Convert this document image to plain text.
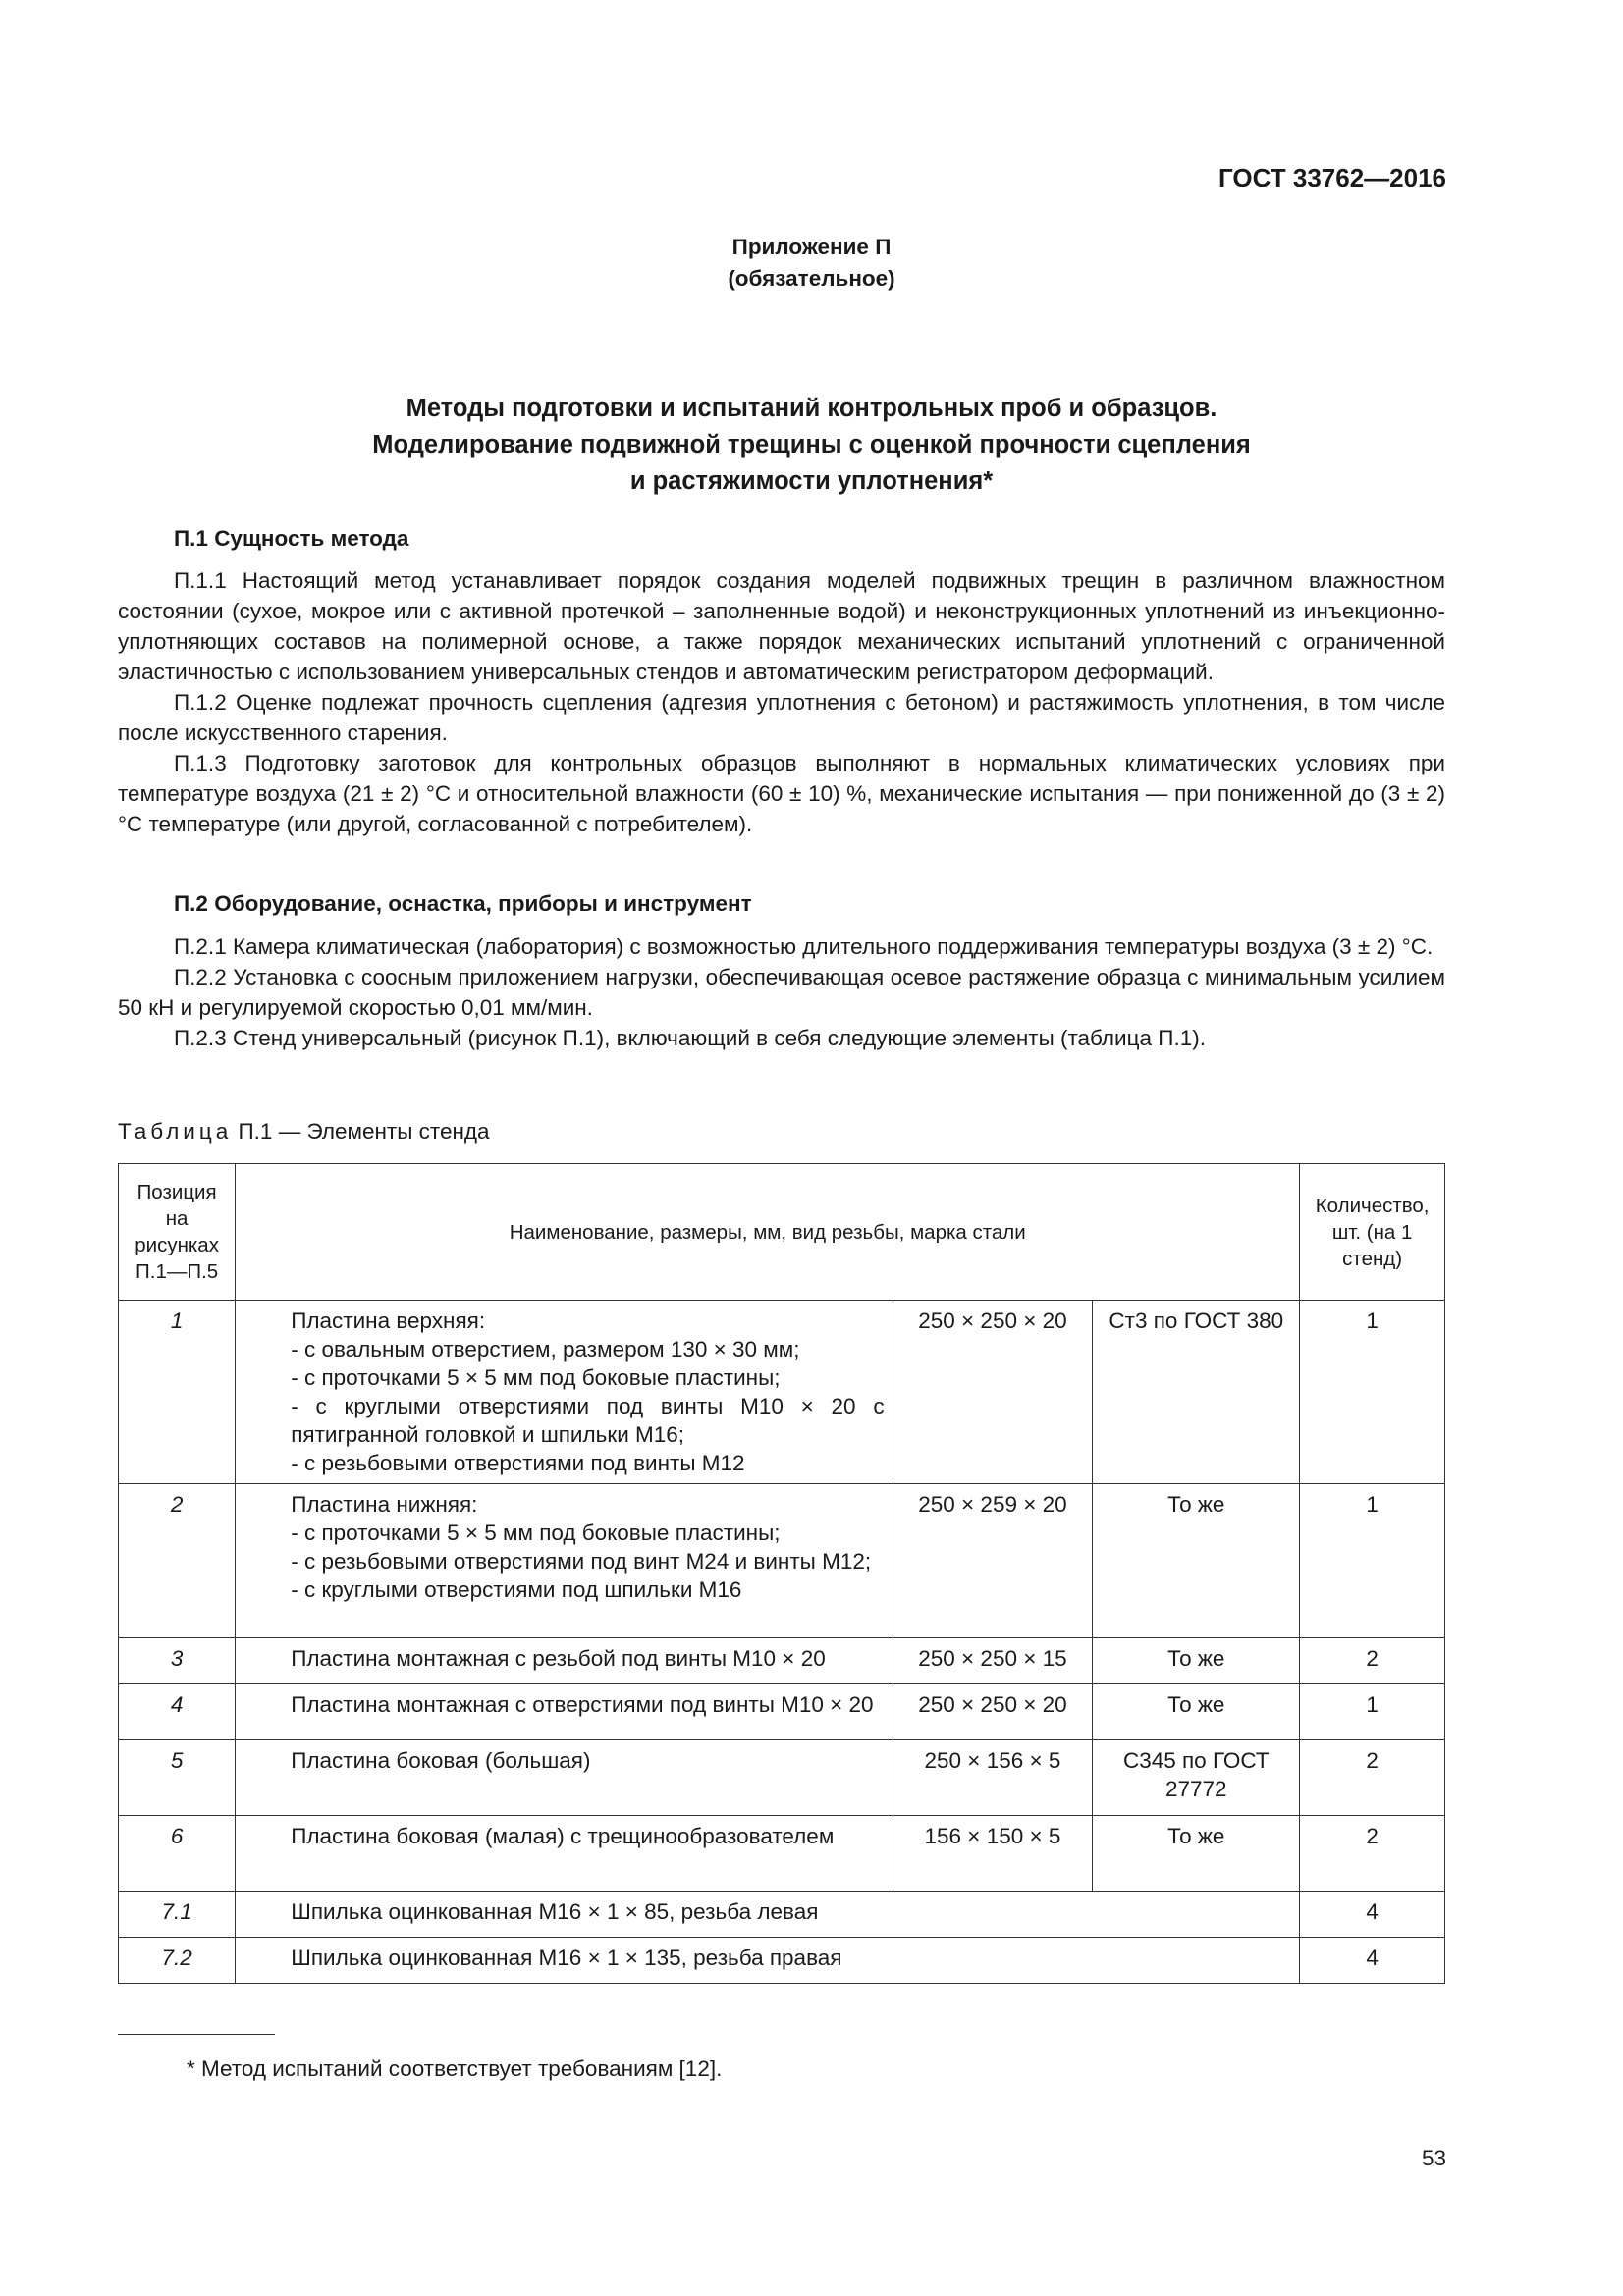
ГОСТ 33762—2016
Приложение П
(обязательное)
Методы подготовки и испытаний контрольных проб и образцов.
Моделирование подвижной трещины с оценкой прочности сцепления
и растяжимости уплотнения*
П.1 Сущность метода

П.1.1 Настоящий метод устанавливает порядок создания моделей подвижных трещин в различном влажностном состоянии (сухое, мокрое или с активной протечкой – заполненные водой) и неконструкционных уплотнений из инъекционно-уплотняющих составов на полимерной основе, а также порядок механических испытаний уплотнений с ограниченной эластичностью с использованием универсальных стендов и автоматическим регистратором деформаций.

П.1.2 Оценке подлежат прочность сцепления (адгезия уплотнения с бетоном) и растяжимость уплотнения, в том числе после искусственного старения.

П.1.3 Подготовку заготовок для контрольных образцов выполняют в нормальных климатических условиях при температуре воздуха (21 ± 2) °С и относительной влажности (60 ± 10) %, механические испытания — при пониженной до (3 ± 2) °С температуре (или другой, согласованной с потребителем).

П.2 Оборудование, оснастка, приборы и инструмент

П.2.1 Камера климатическая (лаборатория) с возможностью длительного поддерживания температуры воздуха (3 ± 2) °С.

П.2.2 Установка с соосным приложением нагрузки, обеспечивающая осевое растяжение образца с минимальным усилием 50 кН и регулируемой скоростью 0,01 мм/мин.

П.2.3 Стенд универсальный (рисунок П.1), включающий в себя следующие элементы (таблица П.1).

Таблица П.1 — Элементы стенда
Позиция на рисунках П.1—П.5	Наименование, размеры, мм, вид резьбы, марка стали			Количество, шт. (на 1 стенд)
1	Пластина верхняя:
- с овальным отверстием, размером 130 × 30 мм;
- с проточками 5 × 5 мм под боковые пластины;
- с круглыми отверстиями под винты М10 × 20 с пятигранной головкой и шпильки М16;
- с резьбовыми отверстиями под винты М12	250 × 250 × 20	Ст3 по ГОСТ 380	1
2	Пластина нижняя:
- с проточками 5 × 5 мм под боковые пластины;
- с резьбовыми отверстиями под винт М24 и винты М12;
- с круглыми отверстиями под шпильки М16	250 × 259 × 20	То же	1
3	Пластина монтажная с резьбой под винты М10 × 20	250 × 250 × 15	То же	2
4	Пластина монтажная с отверстиями под винты М10 × 20	250 × 250 × 20	То же	1
5	Пластина боковая (большая)	250 × 156 × 5	С345 по ГОСТ 27772	2
6	Пластина боковая (малая) с трещинообразователем	156 × 150 × 5	То же	2
7.1	Шпилька оцинкованная М16 × 1 × 85, резьба левая			4
7.2	Шпилька оцинкованная М16 × 1 × 135, резьба правая			4
* Метод испытаний соответствует требованиям [12].
53
